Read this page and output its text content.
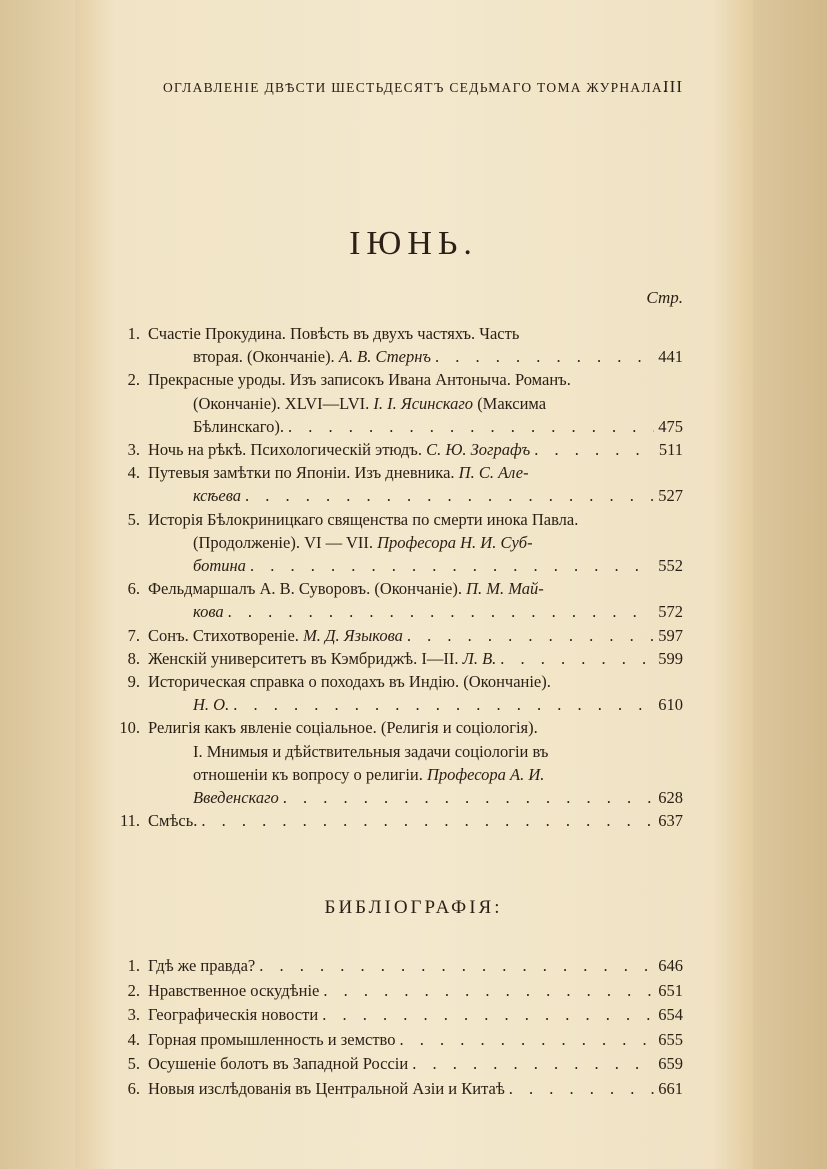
ОГЛАВЛЕНІЕ ДВѢСТИ ШЕСТЬДЕСЯТЪ СЕДЬМАГО ТОМА ЖУРНАЛА.
III
ІЮНЬ.
Стр.
1. Счастіе Прокудина. Повѣсть въ двухъ частяхъ. Часть
вторая. (Окончаніе). А. В. Стернъ . . .	441
2. Прекрасные уроды. Изъ записокъ Ивана Антоныча. Романъ.
(Окончаніе). XLVI—LVI. I. I. Ясинскаго (Максима
Бѣлинскаго). . . .	475
3. Ночь на рѣкѣ. Психологическій этюдъ. С. Ю. Зографъ . . .	511
4. Путевыя замѣтки по Японіи. Изъ дневника. П. С. Але-
ксѣева . . .	527
5. Исторія Бѣлокриницкаго священства по смерти инока Павла.
(Продолженіе). VI — VII. Професора Н. И. Суб-
ботина . . .	552
6. Фельдмаршалъ А. В. Суворовъ. (Окончаніе). П. М. Май-
кова . . .	572
7. Сонъ. Стихотвореніе. М. Д. Языкова . . .	597
8. Женскій университетъ въ Кэмбриджѣ. I—II. Л. В. . . .	599
9. Историческая справка о походахъ въ Индію. (Окончаніе).
Н. О. . . .	610
10. Религія какъ явленіе соціальное. (Религія и соціологія).
I. Мнимыя и дѣйствительныя задачи соціологіи въ
отношеніи къ вопросу о религіи. Професора А. И.
Введенскаго . . .	628
11. Смѣсь. . . .	637
БИБЛІОГРАФІЯ:
1. Гдѣ же правда? . . .	646
2. Нравственное оскудѣніе . . .	651
3. Географическія новости . . .	654
4. Горная промышленность и земство . . .	655
5. Осушеніе болотъ въ Западной Россіи . . .	659
6. Новыя изслѣдованія въ Центральной Азіи и Китаѣ . . .	661
